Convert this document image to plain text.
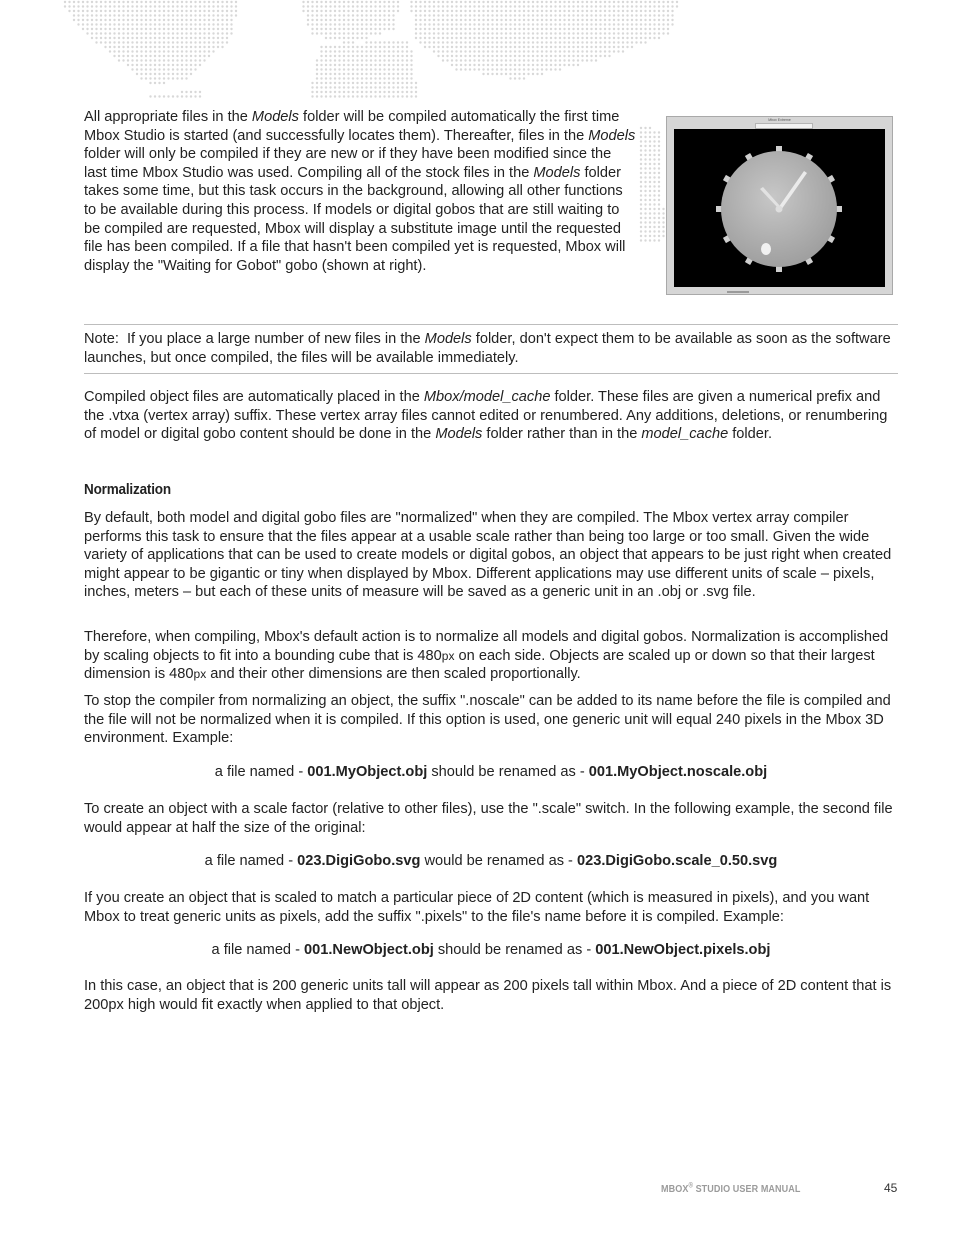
All appropriate files in the Models folder will be compiled automatically the first time Mbox Studio is started (and successfully locates them). Thereafter, files in the Models folder will only be compiled if they are new or if they have been modified since the last time Mbox Studio was used. Compiling all of the stock files in the Models folder takes some time, but this task occurs in the background, allowing all other functions to be available during this process. If models or digital gobos that are still waiting to be compiled are requested, Mbox will display a substitute image until the requested file has been compiled. If a file that hasn't been compiled yet is requested, Mbox will display the "Waiting for Gobot" gobo (shown at right).

Mbox Extreme
Note: If you place a large number of new files in the Models folder, don't expect them to be available as soon as the software launches, but once compiled, the files will be available immediately.

Compiled object files are automatically placed in the Mbox/model_cache folder. These files are given a numerical prefix and the .vtxa (vertex array) suffix. These vertex array files cannot edited or renumbered. Any additions, deletions, or renumbering of model or digital gobo content should be done in the Models folder rather than in the model_cache folder.

Normalization

By default, both model and digital gobo files are "normalized" when they are compiled. The Mbox vertex array compiler performs this task to ensure that the files appear at a usable scale rather than being too large or too small. Given the wide variety of applications that can be used to create models or digital gobos, an object that appears to be just right when created might appear to be gigantic or tiny when displayed by Mbox. Different applications may use different units of scale – pixels, inches, meters – but each of these units of measure will be saved as a generic unit in an .obj or .svg file.

Therefore, when compiling, Mbox's default action is to normalize all models and digital gobos. Normalization is accomplished by scaling objects to fit into a bounding cube that is 480px on each side. Objects are scaled up or down so that their largest dimension is 480px and their other dimensions are then scaled proportionally.

To stop the compiler from normalizing an object, the suffix ".noscale" can be added to its name before the file is compiled and the file will not be normalized when it is compiled. If this option is used, one generic unit will equal 240 pixels in the Mbox 3D environment. Example:

a file named - 001.MyObject.obj should be renamed as - 001.MyObject.noscale.obj

To create an object with a scale factor (relative to other files), use the ".scale" switch. In the following example, the second file would appear at half the size of the original:

a file named - 023.DigiGobo.svg would be renamed as - 023.DigiGobo.scale_0.50.svg

If you create an object that is scaled to match a particular piece of 2D content (which is measured in pixels), and you want Mbox to treat generic units as pixels, add the suffix ".pixels" to the file's name before it is compiled. Example:

a file named - 001.NewObject.obj should be renamed as - 001.NewObject.pixels.obj

In this case, an object that is 200 generic units tall will appear as 200 pixels tall within Mbox. And a piece of 2D content that is 200px high would fit exactly when applied to that object.

MBOX® STUDIO USER MANUAL	45
